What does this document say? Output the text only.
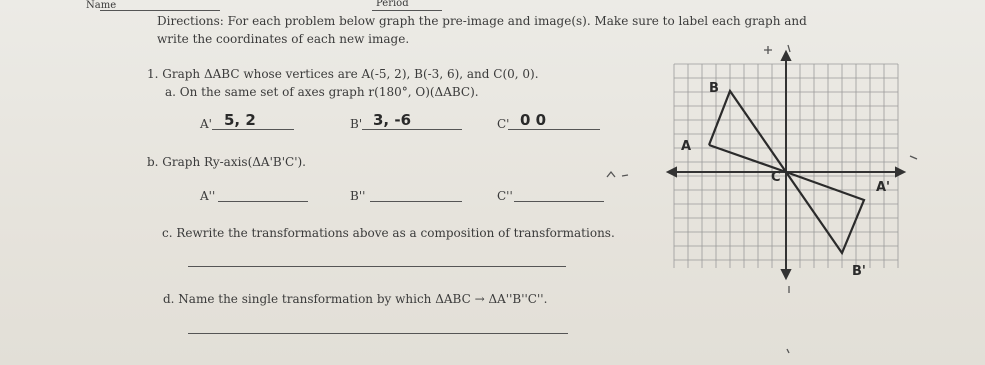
Name	Period
Directions: For each problem below graph the pre-image and image(s). Make sure to label each graph and
write the coordinates of each new image.
1. Graph ΔABC whose vertices are A(-5, 2), B(-3, 6), and C(0, 0).
a. On the same set of axes graph r(180°, O)(ΔABC).
A' 5, 2	B' 3, -6	C' 0 0
b. Graph Ry-axis(ΔA'B'C').
A''	B''	C''
c. Rewrite the transformations above as a composition of transformations.
d. Name the single transformation by which ΔABC → ΔA''B''C''.
B
A
C
A'
B'
